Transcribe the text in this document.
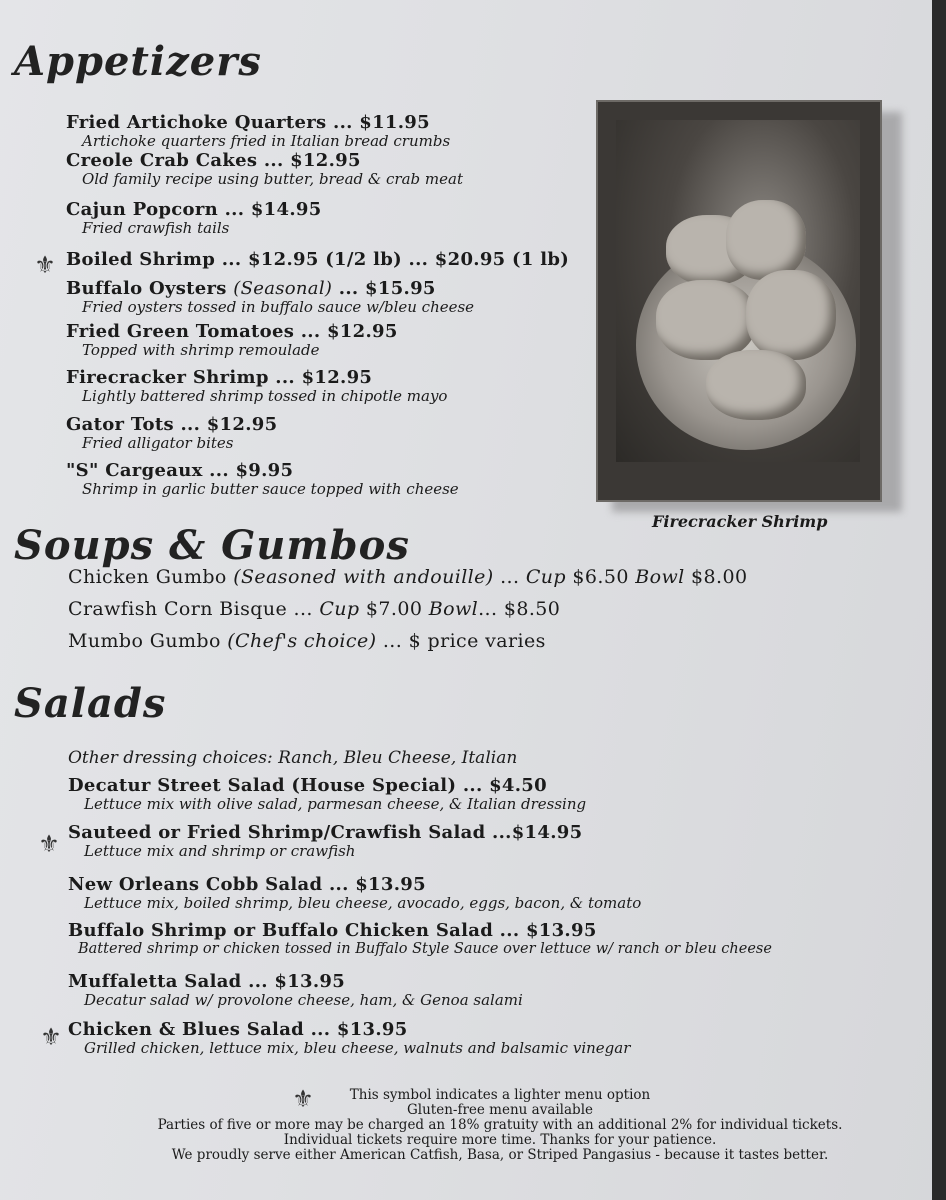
Appetizers
Fried Artichoke Quarters ... $11.95
Artichoke quarters fried in Italian bread crumbs
Creole Crab Cakes ... $12.95
Old family recipe using butter, bread & crab meat
Cajun Popcorn ... $14.95
Fried crawfish tails
⚜ Boiled Shrimp ... $12.95 (1/2 lb) ... $20.95 (1 lb)
Buffalo Oysters (Seasonal) ... $15.95
Fried oysters tossed in buffalo sauce w/bleu cheese
Fried Green Tomatoes ... $12.95
Topped with shrimp remoulade
Firecracker Shrimp ... $12.95
Lightly battered shrimp tossed in chipotle mayo
Gator Tots ... $12.95
Fried alligator bites
"S" Cargeaux ... $9.95
Shrimp in garlic butter sauce topped with cheese
Firecracker Shrimp
Soups & Gumbos
Chicken Gumbo (Seasoned with andouille) ... Cup $6.50 Bowl $8.00
Crawfish Corn Bisque ... Cup $7.00 Bowl... $8.50
Mumbo Gumbo (Chef's choice) ... $ price varies
Salads
Other dressing choices: Ranch, Bleu Cheese, Italian
Decatur Street Salad (House Special) ... $4.50
Lettuce mix with olive salad, parmesan cheese, & Italian dressing
⚜ Sauteed or Fried Shrimp/Crawfish Salad ...$14.95
Lettuce mix and shrimp or crawfish
New Orleans Cobb Salad ... $13.95
Lettuce mix, boiled shrimp, bleu cheese, avocado, eggs, bacon, & tomato
Buffalo Shrimp or Buffalo Chicken Salad ... $13.95
Battered shrimp or chicken tossed in Buffalo Style Sauce over lettuce w/ ranch or bleu cheese
Muffaletta Salad ... $13.95
Decatur salad w/ provolone cheese, ham, & Genoa salami
⚜ Chicken & Blues Salad ... $13.95
Grilled chicken, lettuce mix, bleu cheese, walnuts and balsamic vinegar
⚜	This symbol indicates a lighter menu option
Gluten-free menu available
Parties of five or more may be charged an 18% gratuity with an additional 2% for individual tickets.
Individual tickets require more time. Thanks for your patience.
We proudly serve either American Catfish, Basa, or Striped Pangasius - because it tastes better.
